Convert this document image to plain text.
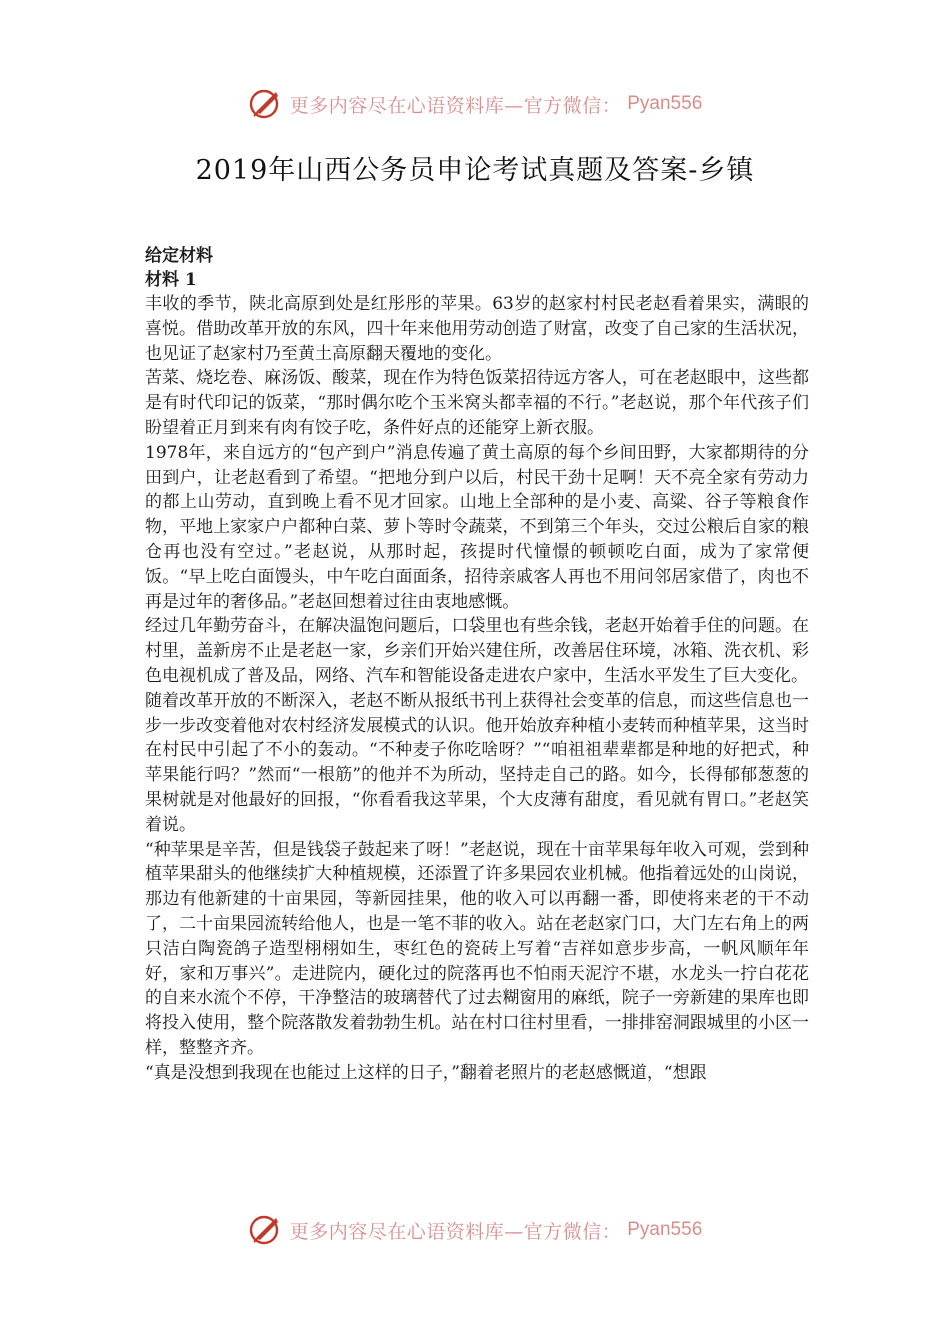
更多内容尽在心语资料库—官方微信： Pyan556
2019年山西公务员申论考试真题及答案-乡镇

给定材料

材料 1

丰收的季节，陕北高原到处是红彤彤的苹果。63岁的赵家村村民老赵看着果实，满眼的喜悦。借助改革开放的东风，四十年来他用劳动创造了财富，改变了自己家的生活状况，也见证了赵家村乃至黄土高原翻天覆地的变化。

苦菜、烧圪卷、麻汤饭、酸菜，现在作为特色饭菜招待远方客人，可在老赵眼中，这些都是有时代印记的饭菜，“那时偶尔吃个玉米窝头都幸福的不行。”老赵说，那个年代孩子们盼望着正月到来有肉有饺子吃，条件好点的还能穿上新衣服。

1978年，来自远方的“包产到户”消息传遍了黄土高原的每个乡间田野，大家都期待的分田到户，让老赵看到了希望。“把地分到户以后，村民干劲十足啊！天不亮全家有劳动力的都上山劳动，直到晚上看不见才回家。山地上全部种的是小麦、高粱、谷子等粮食作物，平地上家家户户都种白菜、萝卜等时令蔬菜，不到第三个年头，交过公粮后自家的粮仓再也没有空过。”老赵说，从那时起，孩提时代憧憬的顿顿吃白面，成为了家常便饭。“早上吃白面馒头，中午吃白面面条，招待亲戚客人再也不用问邻居家借了，肉也不再是过年的奢侈品。”老赵回想着过往由衷地感慨。

经过几年勤劳奋斗，在解决温饱问题后，口袋里也有些余钱，老赵开始着手住的问题。在村里，盖新房不止是老赵一家，乡亲们开始兴建住所，改善居住环境，冰箱、洗衣机、彩色电视机成了普及品，网络、汽车和智能设备走进农户家中，生活水平发生了巨大变化。

随着改革开放的不断深入，老赵不断从报纸书刊上获得社会变革的信息，而这些信息也一步一步改变着他对农村经济发展模式的认识。他开始放弃种植小麦转而种植苹果，这当时在村民中引起了不小的轰动。“不种麦子你吃啥呀？”“咱祖祖辈辈都是种地的好把式，种苹果能行吗？”然而“一根筋”的他并不为所动，坚持走自己的路。如今，长得郁郁葱葱的果树就是对他最好的回报，“你看看我这苹果，个大皮薄有甜度，看见就有胃口。”老赵笑着说。

“种苹果是辛苦，但是钱袋子鼓起来了呀！”老赵说，现在十亩苹果每年收入可观，尝到种植苹果甜头的他继续扩大种植规模，还添置了许多果园农业机械。他指着远处的山岗说，那边有他新建的十亩果园，等新园挂果，他的收入可以再翻一番，即使将来老的干不动了，二十亩果园流转给他人，也是一笔不菲的收入。站在老赵家门口，大门左右角上的两只洁白陶瓷鸽子造型栩栩如生，枣红色的瓷砖上写着“吉祥如意步步高，一帆风顺年年好，家和万事兴”。走进院内，硬化过的院落再也不怕雨天泥泞不堪，水龙头一拧白花花的自来水流个不停，干净整洁的玻璃替代了过去糊窗用的麻纸，院子一旁新建的果库也即将投入使用，整个院落散发着勃勃生机。站在村口往村里看，一排排窑洞跟城里的小区一样，整整齐齐。

“真是没想到我现在也能过上这样的日子，”翻着老照片的老赵感慨道，“想跟

更多内容尽在心语资料库—官方微信： Pyan556
